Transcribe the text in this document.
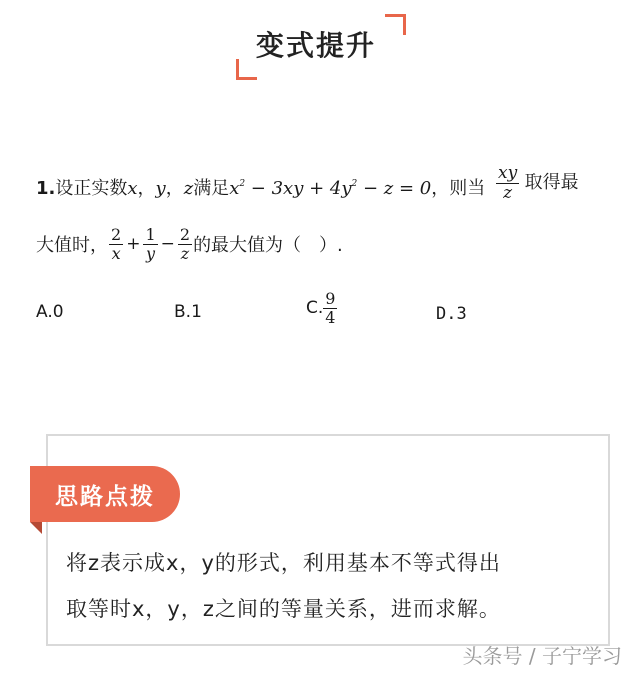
变式提升
1.设正实数x，y，z满足$x^2 - 3xy + 4y^2 - z = 0$，则当 $\frac{xy}{z}$ 取得最
大值时， $\frac{2}{x} + \frac{1}{y} - \frac{2}{z}$ 的最大值为（　）.
A.0	B.1	C. $\frac{9}{4}$	D.3
思路点拨
将z表示成x，y的形式，利用基本不等式得出
取等时x，y，z之间的等量关系，进而求解。
头条号 / 子宁学习
